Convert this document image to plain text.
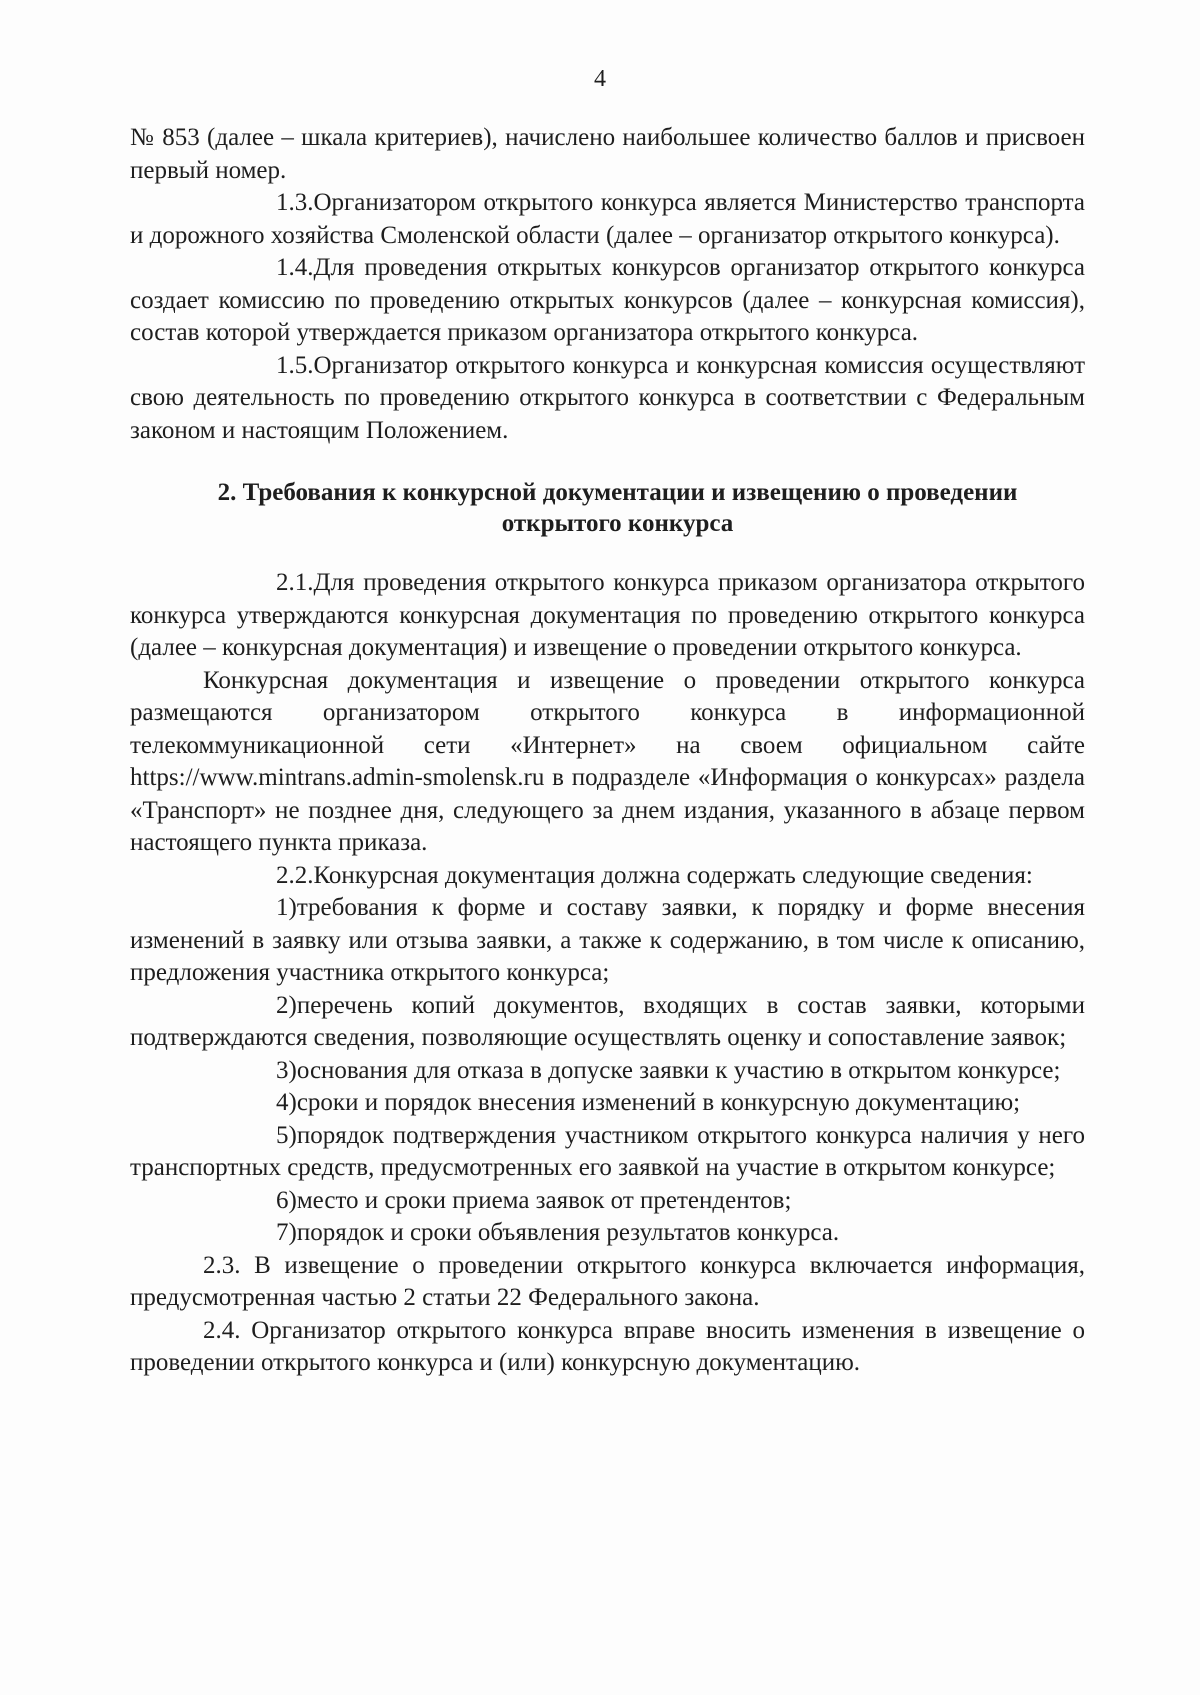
4

№ 853 (далее – шкала критериев), начислено наибольшее количество баллов и присвоен первый номер.

1.3.Организатором открытого конкурса является Министерство транспорта и дорожного хозяйства Смоленской области (далее – организатор открытого конкурса).

1.4.Для проведения открытых конкурсов организатор открытого конкурса создает комиссию по проведению открытых конкурсов (далее – конкурсная комиссия), состав которой утверждается приказом организатора открытого конкурса.

1.5.Организатор открытого конкурса и конкурсная комиссия осуществляют свою деятельность по проведению открытого конкурса в соответствии с Федеральным законом и настоящим Положением.

2. Требования к конкурсной документации и извещению о проведении
открытого конкурса

2.1.Для проведения открытого конкурса приказом организатора открытого конкурса утверждаются конкурсная документация по проведению открытого конкурса (далее – конкурсная документация) и извещение о проведении открытого конкурса.

Конкурсная документация и извещение о проведении открытого конкурса размещаются организатором открытого конкурса в информационной телекоммуникационной сети «Интернет» на своем официальном сайте https://www.mintrans.admin-smolensk.ru в подразделе «Информация о конкурсах» раздела «Транспорт» не позднее дня, следующего за днем издания, указанного в абзаце первом настоящего пункта приказа.

2.2.Конкурсная документация должна содержать следующие сведения:

1)требования к форме и составу заявки, к порядку и форме внесения изменений в заявку или отзыва заявки, а также к содержанию, в том числе к описанию, предложения участника открытого конкурса;

2)перечень копий документов, входящих в состав заявки, которыми подтверждаются сведения, позволяющие осуществлять оценку и сопоставление заявок;

3)основания для отказа в допуске заявки к участию в открытом конкурсе;

4)сроки и порядок внесения изменений в конкурсную документацию;

5)порядок подтверждения участником открытого конкурса наличия у него транспортных средств, предусмотренных его заявкой на участие в открытом конкурсе;

6)место и сроки приема заявок от претендентов;

7)порядок и сроки объявления результатов конкурса.

2.3. В извещение о проведении открытого конкурса включается информация, предусмотренная частью 2 статьи 22 Федерального закона.

2.4. Организатор открытого конкурса вправе вносить изменения в извещение о проведении открытого конкурса и (или) конкурсную документацию.
